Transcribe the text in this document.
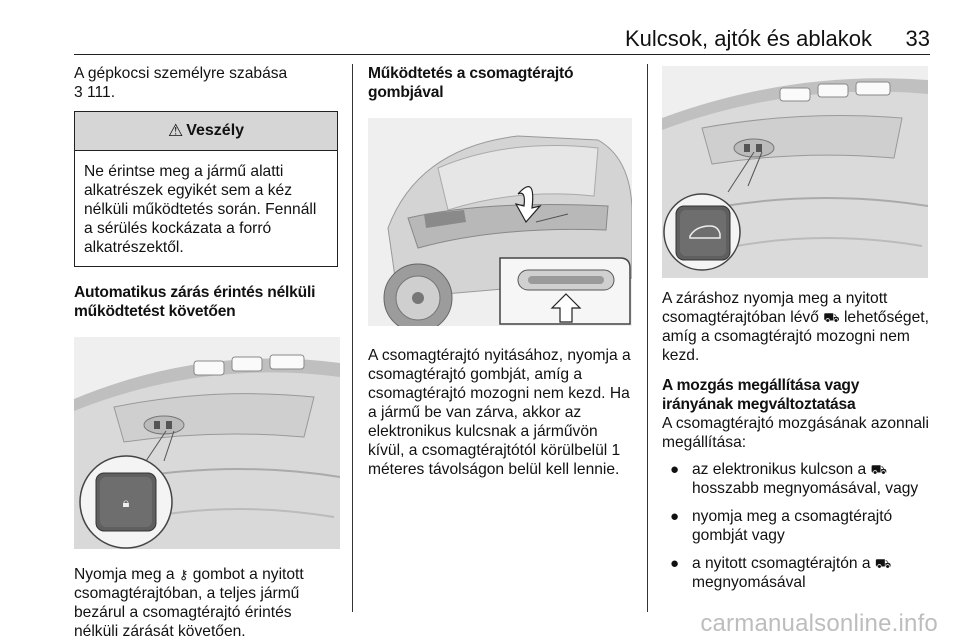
Kulcsok, ajtók és ablakok 33

A gépkocsi személyre szabása

3 111.

⚠ Veszély
Ne érintse meg a jármű alatti alkatrészek egyikét sem a kéz nélküli működtetés során. Fennáll a sérülés kockázata a forró alkatrészektől.
Automatikus zárás érintés nélküli működtetést követően
🔒︎

Nyomja meg a ⚷ gombot a nyitott csomagtérajtóban, a teljes jármű bezárul a csomagtérajtó érintés nélküli zárását követően.

Működtetés a csomagtérajtó gombjával

A csomagtérajtó nyitásához, nyomja a csomagtérajtó gombját, amíg a csomagtérajtó mozogni nem kezd. Ha a jármű be van zárva, akkor az elektronikus kulcsnak a járművön kívül, a csomagtérajtótól körülbelül 1 méteres távolságon belül kell lennie.

A záráshoz nyomja meg a nyitott csomagtérajtóban lévő ⛟ lehetőséget, amíg a csomagtérajtó mozogni nem kezd.

A mozgás megállítása vagy irányának megváltoztatása

A csomagtérajtó mozgásának azonnali megállítása:

● az elektronikus kulcson a ⛟ hosszabb megnyomásával, vagy
● nyomja meg a csomagtérajtó gombját vagy
● a nyitott csomagtérajtón a ⛟ megnyomásával
carmanualsonline.info
